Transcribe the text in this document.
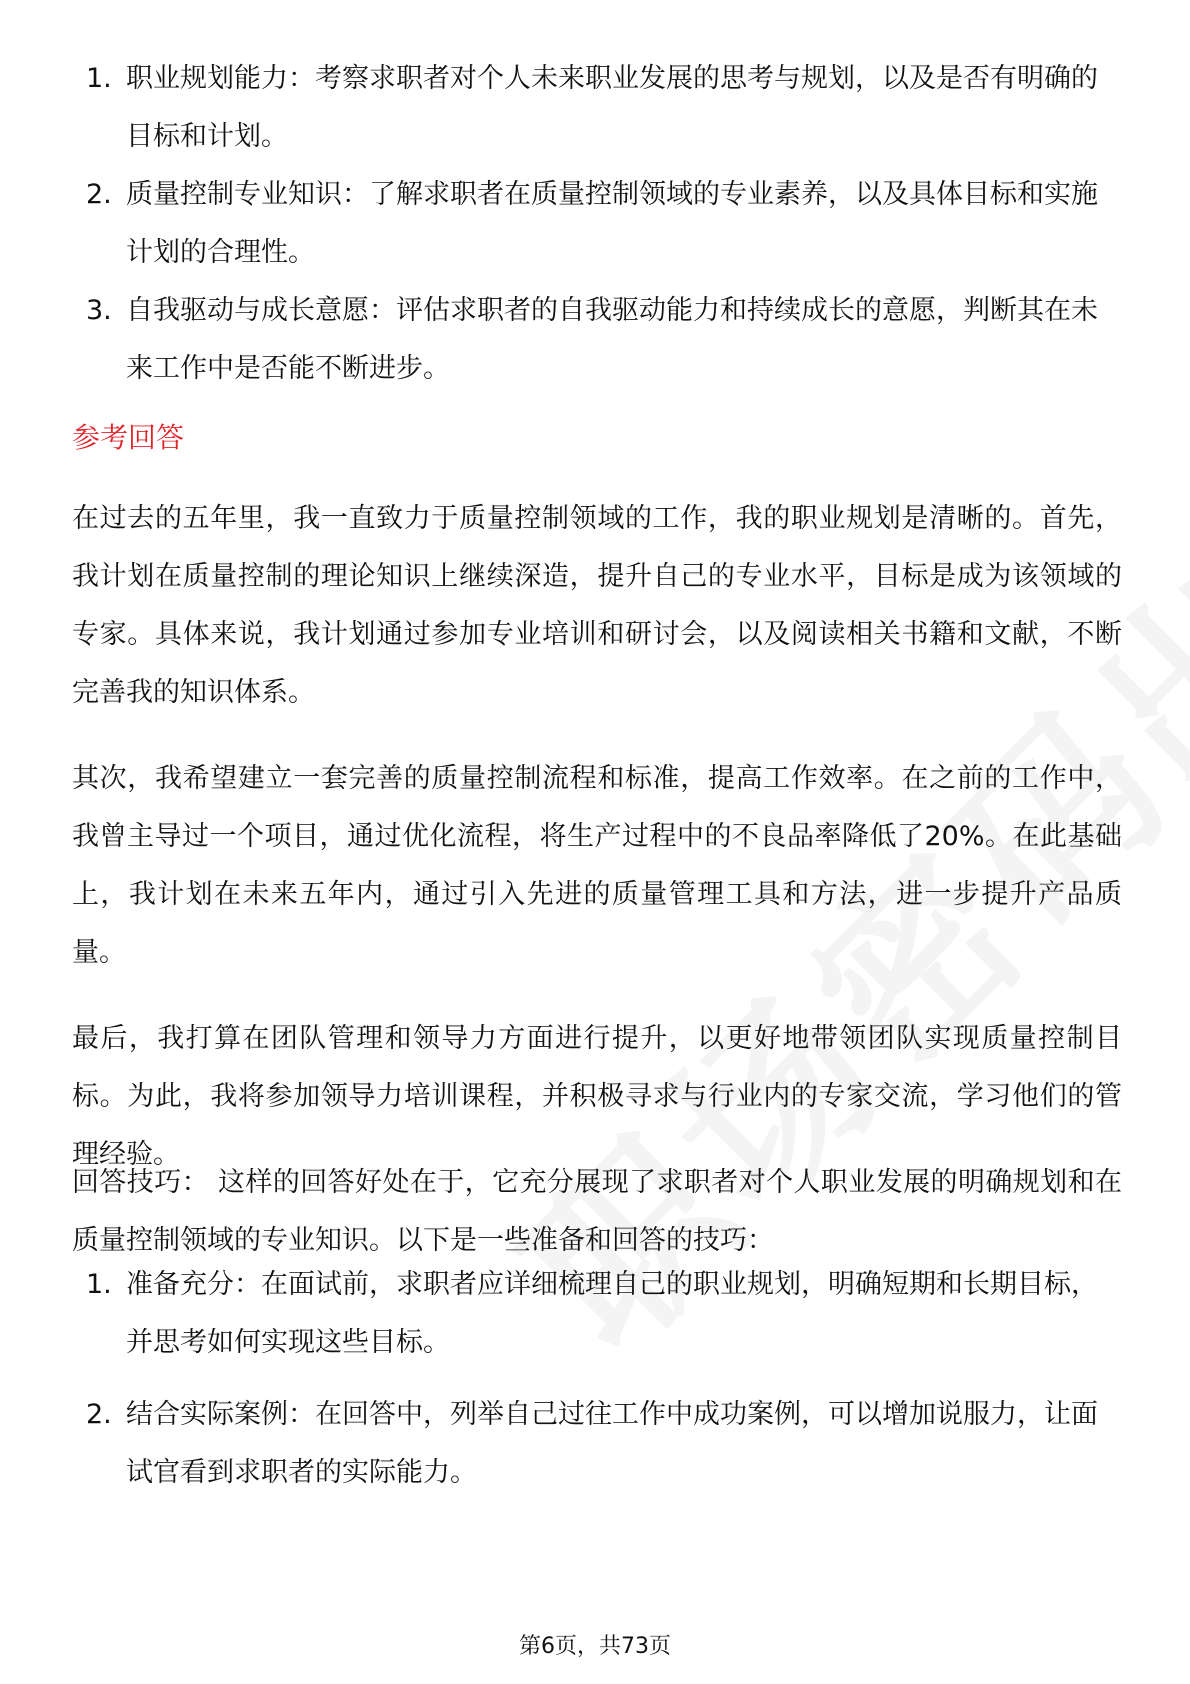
1. 职业规划能力：考察求职者对个人未来职业发展的思考与规划，以及是否有明确的目标和计划。
2. 质量控制专业知识：了解求职者在质量控制领域的专业素养，以及具体目标和实施计划的合理性。
3. 自我驱动与成长意愿：评估求职者的自我驱动能力和持续成长的意愿，判断其在未来工作中是否能不断进步。
参考回答

在过去的五年里，我一直致力于质量控制领域的工作，我的职业规划是清晰的。首先，我计划在质量控制的理论知识上继续深造，提升自己的专业水平，目标是成为该领域的专家。具体来说，我计划通过参加专业培训和研讨会，以及阅读相关书籍和文献，不断完善我的知识体系。

其次，我希望建立一套完善的质量控制流程和标准，提高工作效率。在之前的工作中，我曾主导过一个项目，通过优化流程，将生产过程中的不良品率降低了20%。在此基础上，我计划在未来五年内，通过引入先进的质量管理工具和方法，进一步提升产品质量。

最后，我打算在团队管理和领导力方面进行提升，以更好地带领团队实现质量控制目标。为此，我将参加领导力培训课程，并积极寻求与行业内的专家交流，学习他们的管理经验。

回答技巧： 这样的回答好处在于，它充分展现了求职者对个人职业发展的明确规划和在质量控制领域的专业知识。以下是一些准备和回答的技巧：

1. 准备充分：在面试前，求职者应详细梳理自己的职业规划，明确短期和长期目标，并思考如何实现这些目标。
2. 结合实际案例：在回答中，列举自己过往工作中成功案例，可以增加说服力，让面试官看到求职者的实际能力。
第6页，共73页
